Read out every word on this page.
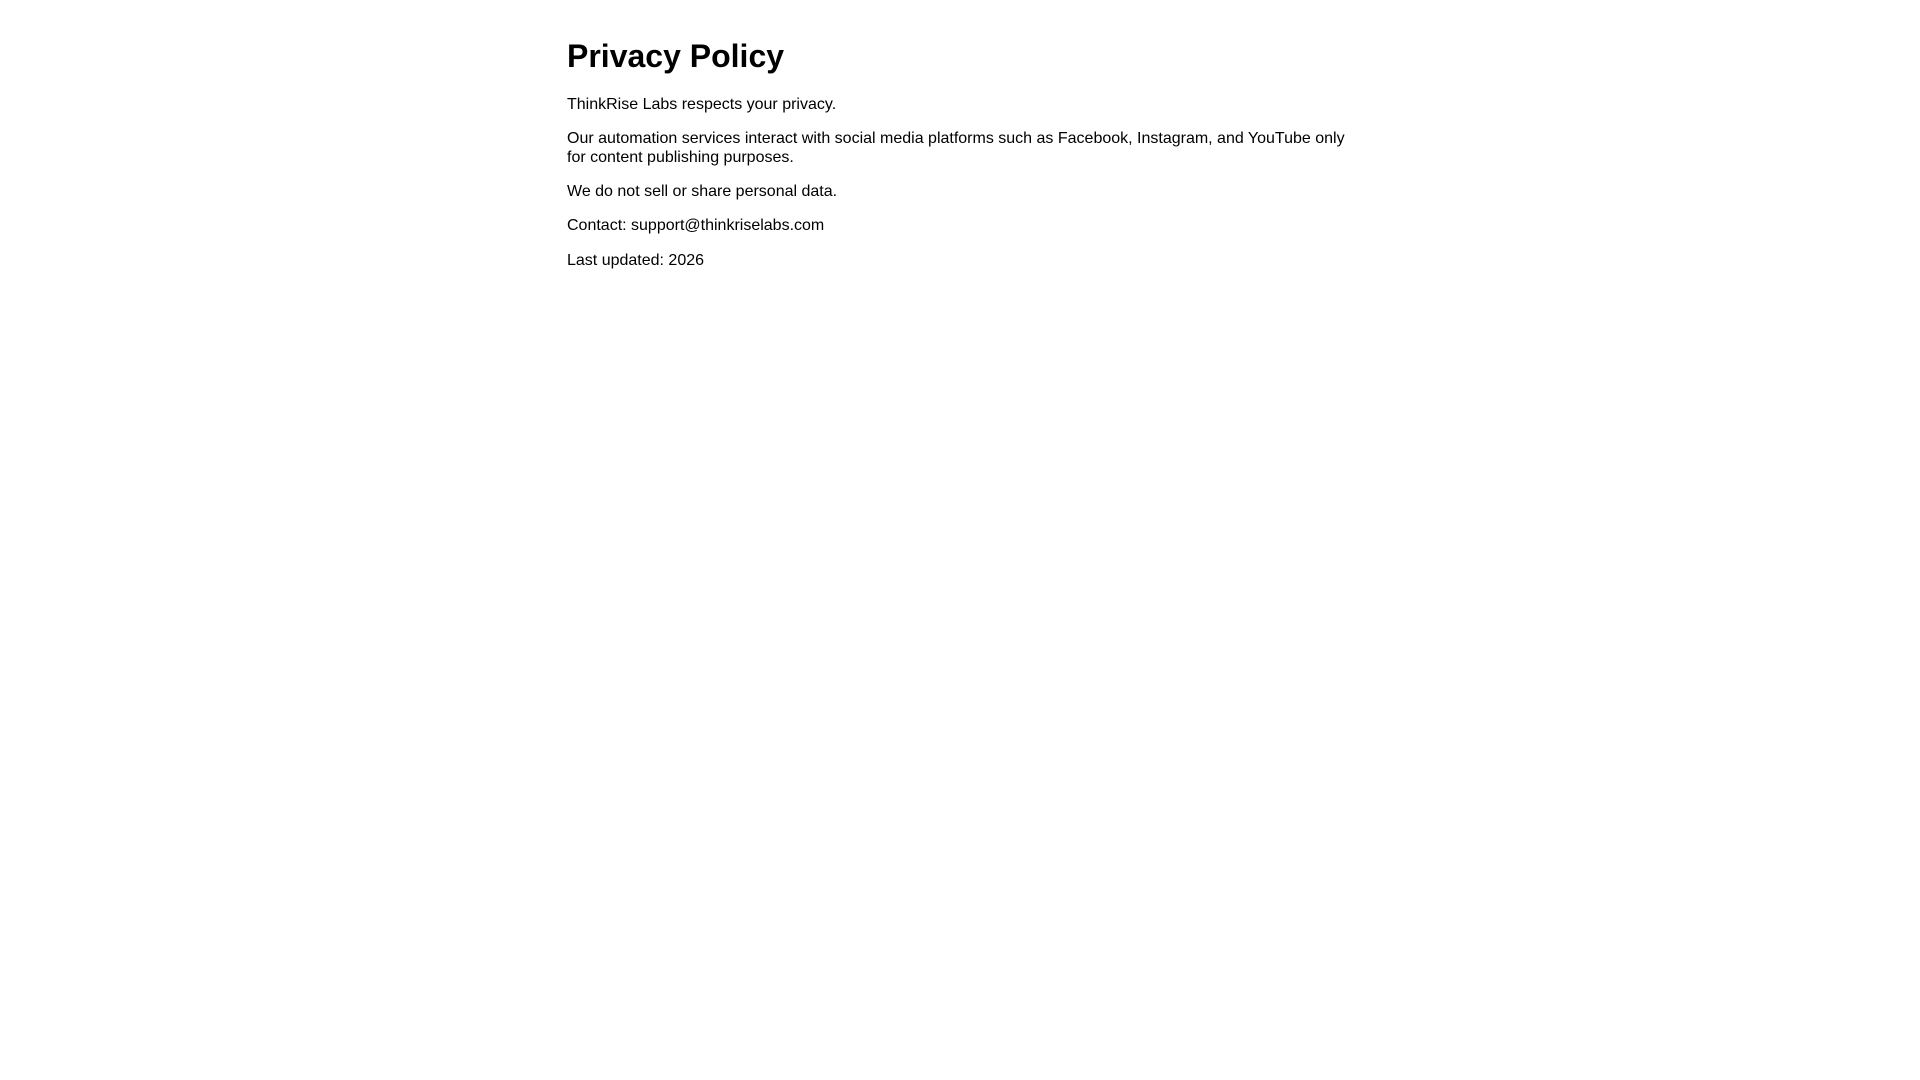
Privacy Policy

ThinkRise Labs respects your privacy.

Our automation services interact with social media platforms such as Facebook, Instagram, and YouTube only for content publishing purposes.

We do not sell or share personal data.

Contact: support@thinkriselabs.com

Last updated: 2026
